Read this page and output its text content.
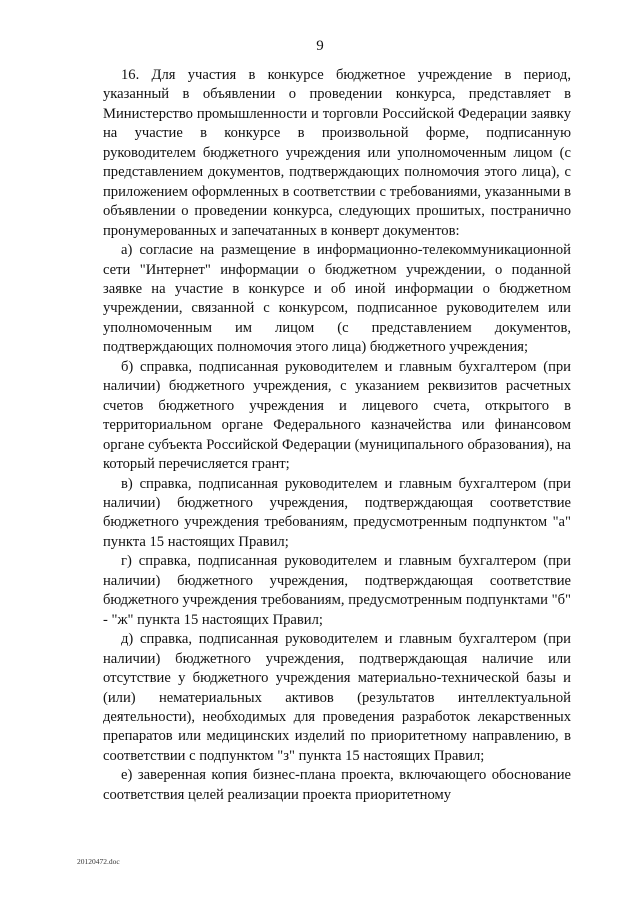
9

16. Для участия в конкурсе бюджетное учреждение в период, указанный в объявлении о проведении конкурса, представляет в Министерство промышленности и торговли Российской Федерации заявку на участие в конкурсе в произвольной форме, подписанную руководителем бюджетного учреждения или уполномоченным лицом (с представлением документов, подтверждающих полномочия этого лица), с приложением оформленных в соответствии с требованиями, указанными в объявлении о проведении конкурса, следующих прошитых, постранично пронумерованных и запечатанных в конверт документов:

а) согласие на размещение в информационно-телекоммуникационной сети "Интернет" информации о бюджетном учреждении, о поданной заявке на участие в конкурсе и об иной информации о бюджетном учреждении, связанной с конкурсом, подписанное руководителем или уполномоченным им лицом (с представлением документов, подтверждающих полномочия этого лица) бюджетного учреждения;

б) справка, подписанная руководителем и главным бухгалтером (при наличии) бюджетного учреждения, с указанием реквизитов расчетных счетов бюджетного учреждения и лицевого счета, открытого в территориальном органе Федерального казначейства или финансовом органе субъекта Российской Федерации (муниципального образования), на который перечисляется грант;

в) справка, подписанная руководителем и главным бухгалтером (при наличии) бюджетного учреждения, подтверждающая соответствие бюджетного учреждения требованиям, предусмотренным подпунктом "а" пункта 15 настоящих Правил;

г) справка, подписанная руководителем и главным бухгалтером (при наличии) бюджетного учреждения, подтверждающая соответствие бюджетного учреждения требованиям, предусмотренным подпунктами "б" - "ж" пункта 15 настоящих Правил;

д) справка, подписанная руководителем и главным бухгалтером (при наличии) бюджетного учреждения, подтверждающая наличие или отсутствие у бюджетного учреждения материально-технической базы и (или) нематериальных активов (результатов интеллектуальной деятельности), необходимых для проведения разработок лекарственных препаратов или медицинских изделий по приоритетному направлению, в соответствии с подпунктом "з" пункта 15 настоящих Правил;

е) заверенная копия бизнес-плана проекта, включающего обоснование соответствия целей реализации проекта приоритетному

20120472.doc
